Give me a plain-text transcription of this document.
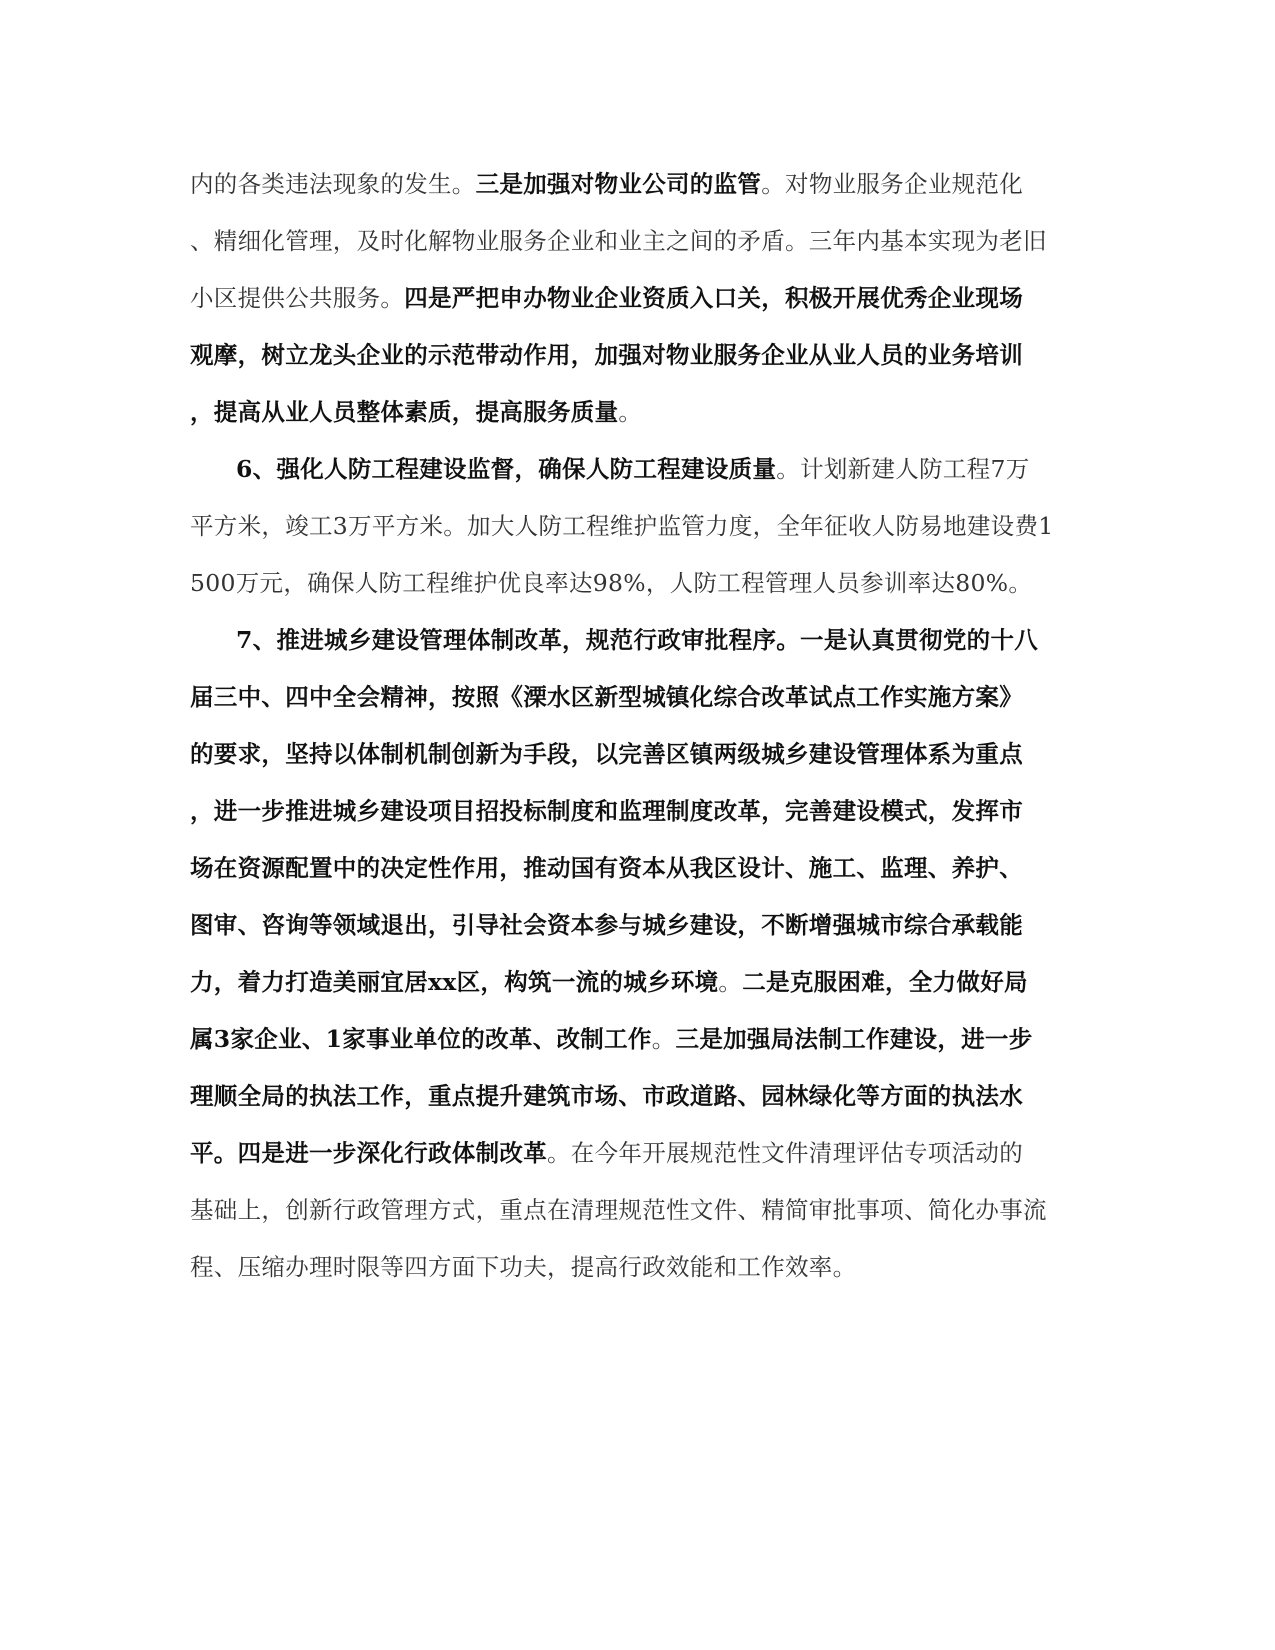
内的各类违法现象的发生。三是加强对物业公司的监管。对物业服务企业规范化
、精细化管理，及时化解物业服务企业和业主之间的矛盾。三年内基本实现为老旧
小区提供公共服务。四是严把申办物业企业资质入口关，积极开展优秀企业现场
观摩，树立龙头企业的示范带动作用，加强对物业服务企业从业人员的业务培训
，提高从业人员整体素质，提高服务质量。
6、强化人防工程建设监督，确保人防工程建设质量。计划新建人防工程7万
平方米，竣工3万平方米。加大人防工程维护监管力度，全年征收人防易地建设费1
500万元，确保人防工程维护优良率达98%，人防工程管理人员参训率达80%。
7、推进城乡建设管理体制改革，规范行政审批程序。一是认真贯彻党的十八
届三中、四中全会精神，按照《溧水区新型城镇化综合改革试点工作实施方案》
的要求，坚持以体制机制创新为手段，以完善区镇两级城乡建设管理体系为重点
，进一步推进城乡建设项目招投标制度和监理制度改革，完善建设模式，发挥市
场在资源配置中的决定性作用，推动国有资本从我区设计、施工、监理、养护、
图审、咨询等领域退出，引导社会资本参与城乡建设，不断增强城市综合承载能
力，着力打造美丽宜居xx区，构筑一流的城乡环境。二是克服困难，全力做好局
属3家企业、1家事业单位的改革、改制工作。三是加强局法制工作建设，进一步
理顺全局的执法工作，重点提升建筑市场、市政道路、园林绿化等方面的执法水
平。四是进一步深化行政体制改革。在今年开展规范性文件清理评估专项活动的
基础上，创新行政管理方式，重点在清理规范性文件、精简审批事项、简化办事流
程、压缩办理时限等四方面下功夫，提高行政效能和工作效率。
